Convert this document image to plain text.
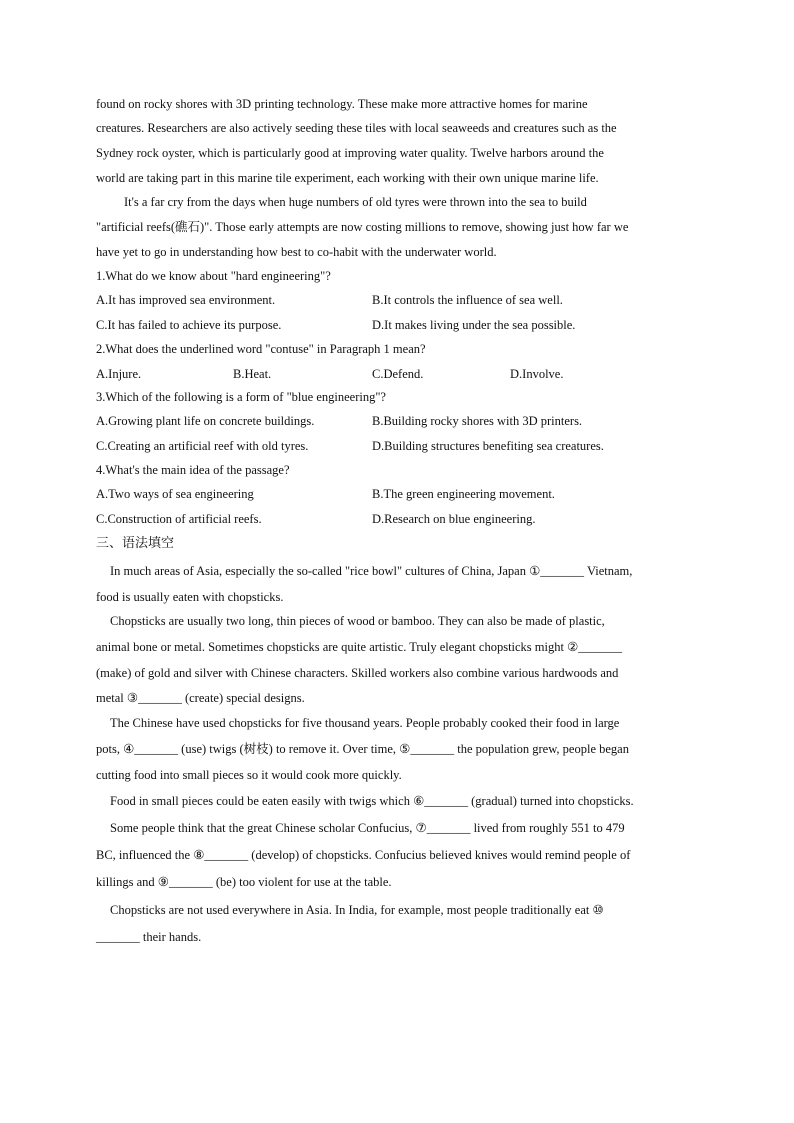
found on rocky shores with 3D printing technology. These make more attractive homes for marine
creatures. Researchers are also actively seeding these tiles with local seaweeds and creatures such as the
Sydney rock oyster, which is particularly good at improving water quality. Twelve harbors around the
world are taking part in this marine tile experiment, each working with their own unique marine life.
It's a far cry from the days when huge numbers of old tyres were thrown into the sea to build
"artificial reefs(礁石)". Those early attempts are now costing millions to remove, showing just how far we
have yet to go in understanding how best to co-habit with the underwater world.
1.What do we know about "hard engineering"?
A.It has improved sea environment.	B.It controls the influence of sea well.
C.It has failed to achieve its purpose.	D.It makes living under the sea possible.
2.What does the underlined word "contuse" in Paragraph 1 mean?
A.Injure.	B.Heat.	C.Defend.	D.Involve.
3.Which of the following is a form of "blue engineering"?
A.Growing plant life on concrete buildings.	B.Building rocky shores with 3D printers.
C.Creating an artificial reef with old tyres.	D.Building structures benefiting sea creatures.
4.What's the main idea of the passage?
A.Two ways of sea engineering	B.The green engineering movement.
C.Construction of artificial reefs.	D.Research on blue engineering.
三、语法填空
In much areas of Asia, especially the so-called "rice bowl" cultures of China, Japan ①_______ Vietnam,
food is usually eaten with chopsticks.
Chopsticks are usually two long, thin pieces of wood or bamboo. They can also be made of plastic,
animal bone or metal. Sometimes chopsticks are quite artistic. Truly elegant chopsticks might ②_______
(make) of gold and silver with Chinese characters. Skilled workers also combine various hardwoods and
metal ③_______ (create) special designs.
The Chinese have used chopsticks for five thousand years. People probably cooked their food in large
pots, ④_______ (use) twigs (树枝) to remove it. Over time, ⑤_______ the population grew, people began
cutting food into small pieces so it would cook more quickly.
Food in small pieces could be eaten easily with twigs which ⑥_______ (gradual) turned into chopsticks.
Some people think that the great Chinese scholar Confucius, ⑦_______ lived from roughly 551 to 479
BC, influenced the ⑧_______ (develop) of chopsticks. Confucius believed knives would remind people of
killings and ⑨_______ (be) too violent for use at the table.
Chopsticks are not used everywhere in Asia. In India, for example, most people traditionally eat ⑩
_______ their hands.
